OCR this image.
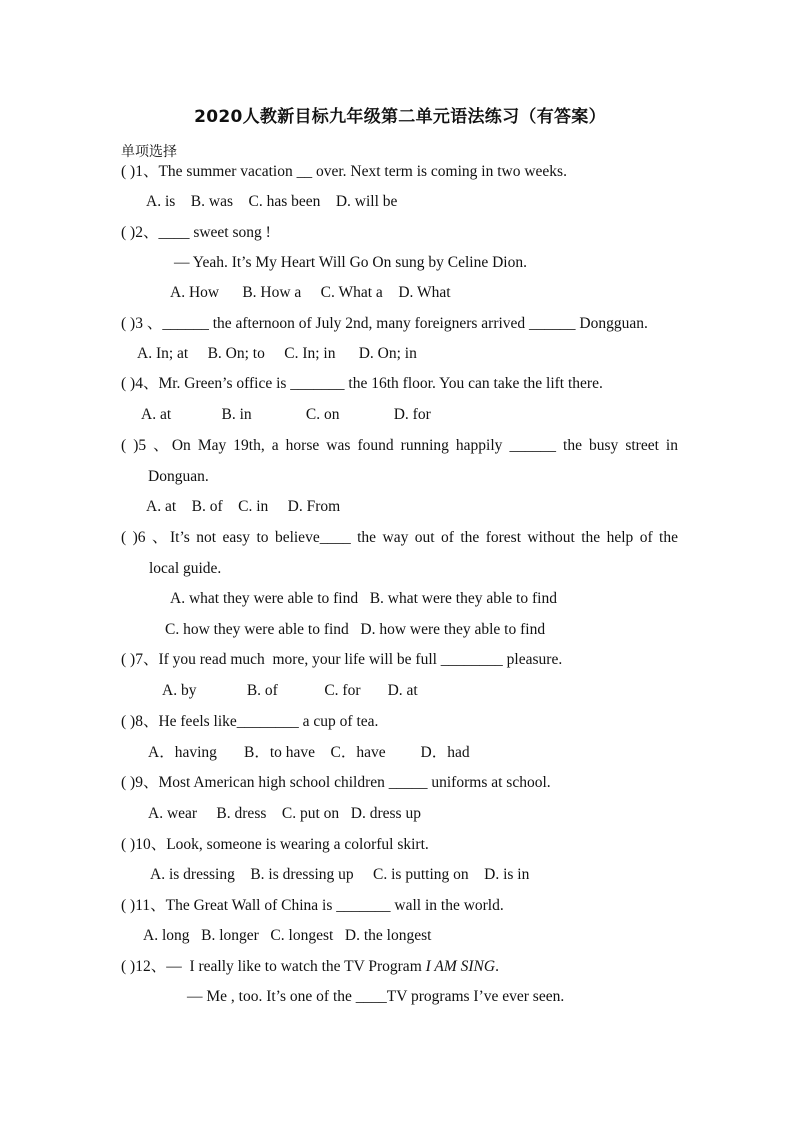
2020人教新目标九年级第二单元语法练习（有答案）
单项选择
( )1、The summer vacation __ over. Next term is coming in two weeks.
A. is    B. was    C. has been    D. will be
( )2、____ sweet song !
— Yeah. It’s My Heart Will Go On sung by Celine Dion.
A. How      B. How a     C. What a    D. What
( )3 、______ the afternoon of July 2nd, many foreigners arrived ______ Dongguan.
A. In; at     B. On; to     C. In; in      D. On; in
( )4、Mr. Green’s office is _______ the 16th floor. You can take the lift there.
A. at             B. in              C. on              D. for
( )5 、On May 19th, a horse was found running happily ______ the busy street in
Donguan.
A. at    B. of    C. in     D. From
( )6 、It’s not easy to believe____ the way out of the forest without the help of the
local guide.
A. what they were able to find   B. what were they able to find
C. how they were able to find   D. how were they able to find
( )7、If you read much  more, your life will be full ________ pleasure.
A. by             B. of            C. for       D. at
( )8、He feels like________ a cup of tea.
A．having       B．to have    C．have         D．had
( )9、Most American high school children _____ uniforms at school.
A. wear     B. dress    C. put on   D. dress up
( )10、Look, someone is wearing a colorful skirt.
A. is dressing    B. is dressing up     C. is putting on    D. is in
( )11、The Great Wall of China is _______ wall in the world.
A. long   B. longer   C. longest   D. the longest
( )12、—  I really like to watch the TV Program I AM SING.
— Me , too. It’s one of the ____TV programs I’ve ever seen.
